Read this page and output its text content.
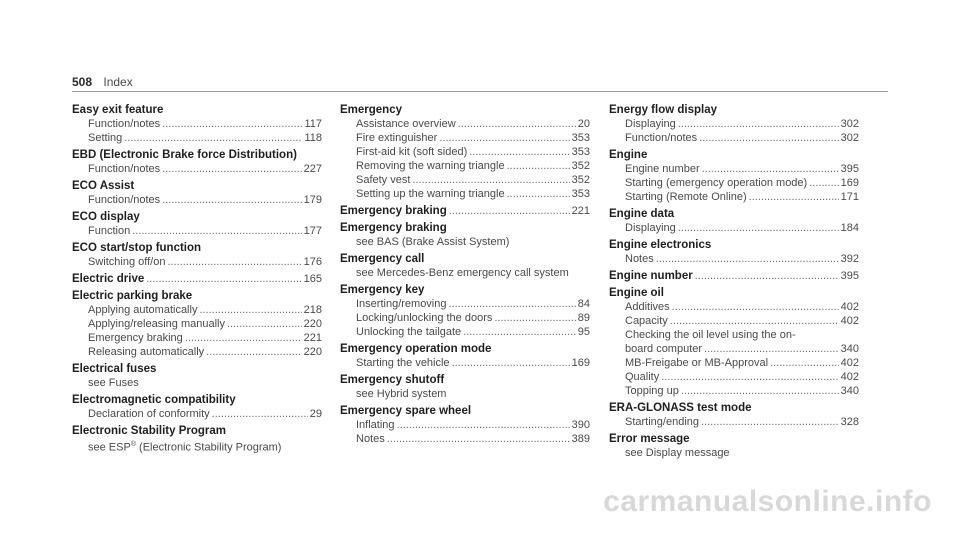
508 Index
Easy exit feature
Function/notes .....	117
Setting .....	118
EBD (Electronic Brake force Distribution)
Function/notes .....	227
ECO Assist
Function/notes .....	179
ECO display
Function .....	177
ECO start/stop function
Switching off/on .....	176
Electric drive .....	165
Electric parking brake
Applying automatically .....	218
Applying/releasing manually .....	220
Emergency braking .....	221
Releasing automatically .....	220
Electrical fuses
see Fuses
Electromagnetic compatibility
Declaration of conformity .....	29
Electronic Stability Program
see ESP® (Electronic Stability Program)
Emergency
Assistance overview .....	20
Fire extinguisher .....	353
First-aid kit (soft sided) .....	353
Removing the warning triangle .....	352
Safety vest .....	352
Setting up the warning triangle .....	353
Emergency braking .....	221
Emergency braking
see BAS (Brake Assist System)
Emergency call
see Mercedes-Benz emergency call system
Emergency key
Inserting/removing .....	84
Locking/unlocking the doors .....	89
Unlocking the tailgate .....	95
Emergency operation mode
Starting the vehicle .....	169
Emergency shutoff
see Hybrid system
Emergency spare wheel
Inflating .....	390
Notes .....	389
Energy flow display
Displaying .....	302
Function/notes .....	302
Engine
Engine number .....	395
Starting (emergency operation mode) .....	169
Starting (Remote Online) .....	171
Engine data
Displaying .....	184
Engine electronics
Notes .....	392
Engine number .....	395
Engine oil
Additives .....	402
Capacity .....	402
Checking the oil level using the on-
board computer .....	340
MB-Freigabe or MB-Approval .....	402
Quality .....	402
Topping up .....	340
ERA-GLONASS test mode
Starting/ending .....	328
Error message
see Display message
carmanualsonline.info
